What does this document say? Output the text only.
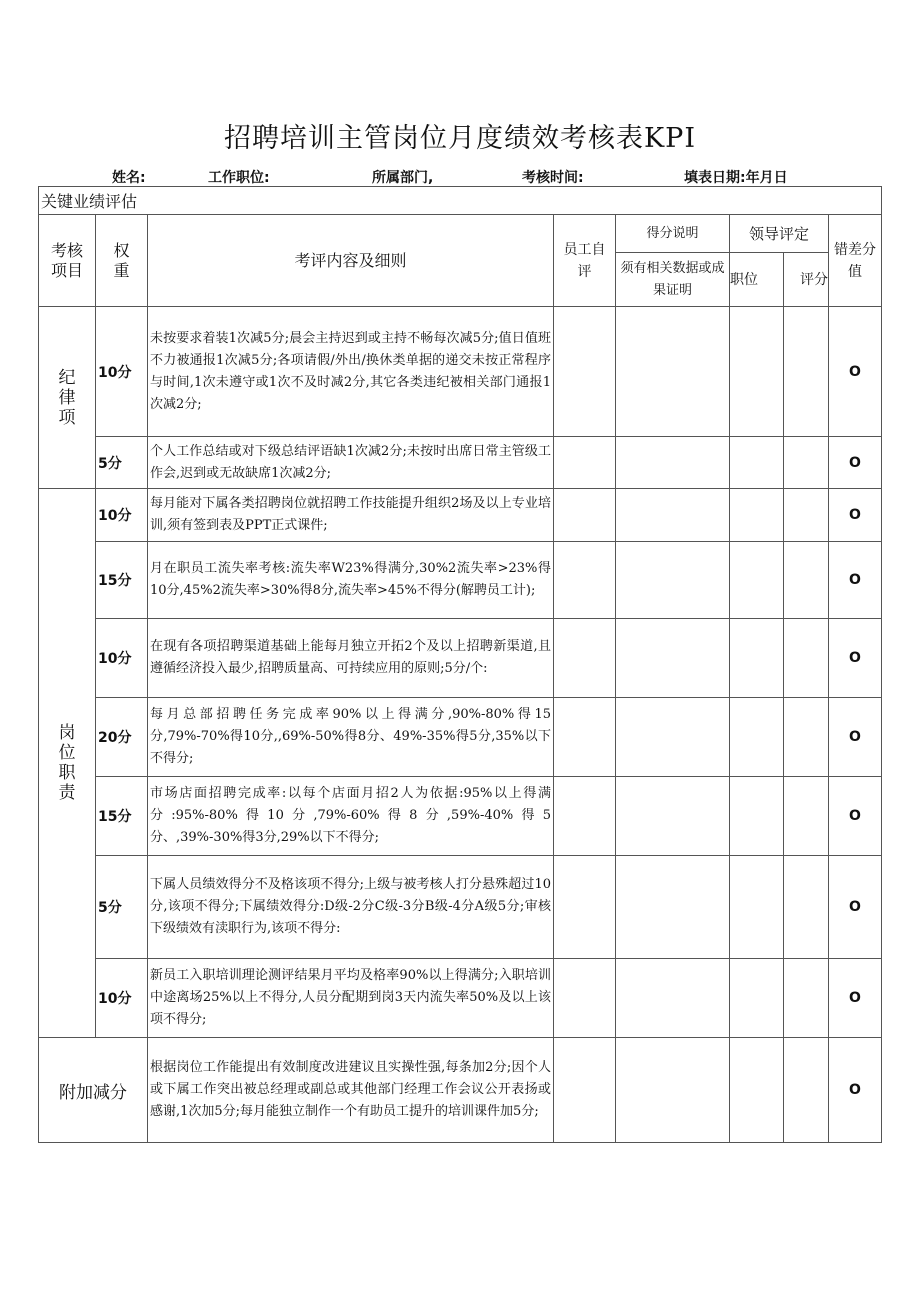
招聘培训主管岗位月度绩效考核表KPI
姓名:	工作职位:	所属部门,	考核时间:	填表日期:年月日
关键业绩评估							
考核项目	权重	考评内容及细则	员工自评	得分说明	领导评定		错差分值
				须有相关数据或成果证明	职位	评分	
纪律项	10分	未按要求着装1次减5分;晨会主持迟到或主持不畅每次减5分;值日值班不力被通报1次减5分;各项请假/外出/换休类单据的递交未按正常程序与时间,1次未遵守或1次不及时减2分,其它各类违纪被相关部门通报1次减2分;					O
	5分	个人工作总结或对下级总结评语缺1次减2分;未按时出席日常主管级工作会,迟到或无故缺席1次减2分;					O
岗位职责	10分	每月能对下属各类招聘岗位就招聘工作技能提升组织2场及以上专业培训,须有签到表及PPT正式课件;					O
	15分	月在职员工流失率考核:流失率W23%得满分,30%2流失率>23%得10分,45%2流失率>30%得8分,流失率>45%不得分(解聘员工计);					O
	10分	在现有各项招聘渠道基础上能每月独立开拓2个及以上招聘新渠道,且遵循经济投入最少,招聘质量高、可持续应用的原则;5分/个:					O
	20分	每月总部招聘任务完成率90%以上得满分,90%-80%得15分,79%-70%得10分,,69%-50%得8分、49%-35%得5分,35%以下不得分;					O
	15分	市场店面招聘完成率:以每个店面月招2人为依据:95%以上得满分:95%-80%得10分,79%-60%得8分,59%-40%得5分、,39%-30%得3分,29%以下不得分;					O
	5分	下属人员绩效得分不及格该项不得分;上级与被考核人打分悬殊超过10分,该项不得分;下属绩效得分:D级-2分C级-3分B级-4分A级5分;审核下级绩效有渎职行为,该项不得分:					O
	10分	新员工入职培训理论测评结果月平均及格率90%以上得满分;入职培训中途离场25%以上不得分,人员分配期到岗3天内流失率50%及以上该项不得分;					O
附加减分		根据岗位工作能提出有效制度改进建议且实操性强,每条加2分;因个人或下属工作突出被总经理或副总或其他部门经理工作会议公开表扬或感谢,1次加5分;每月能独立制作一个有助员工提升的培训课件加5分;					O
